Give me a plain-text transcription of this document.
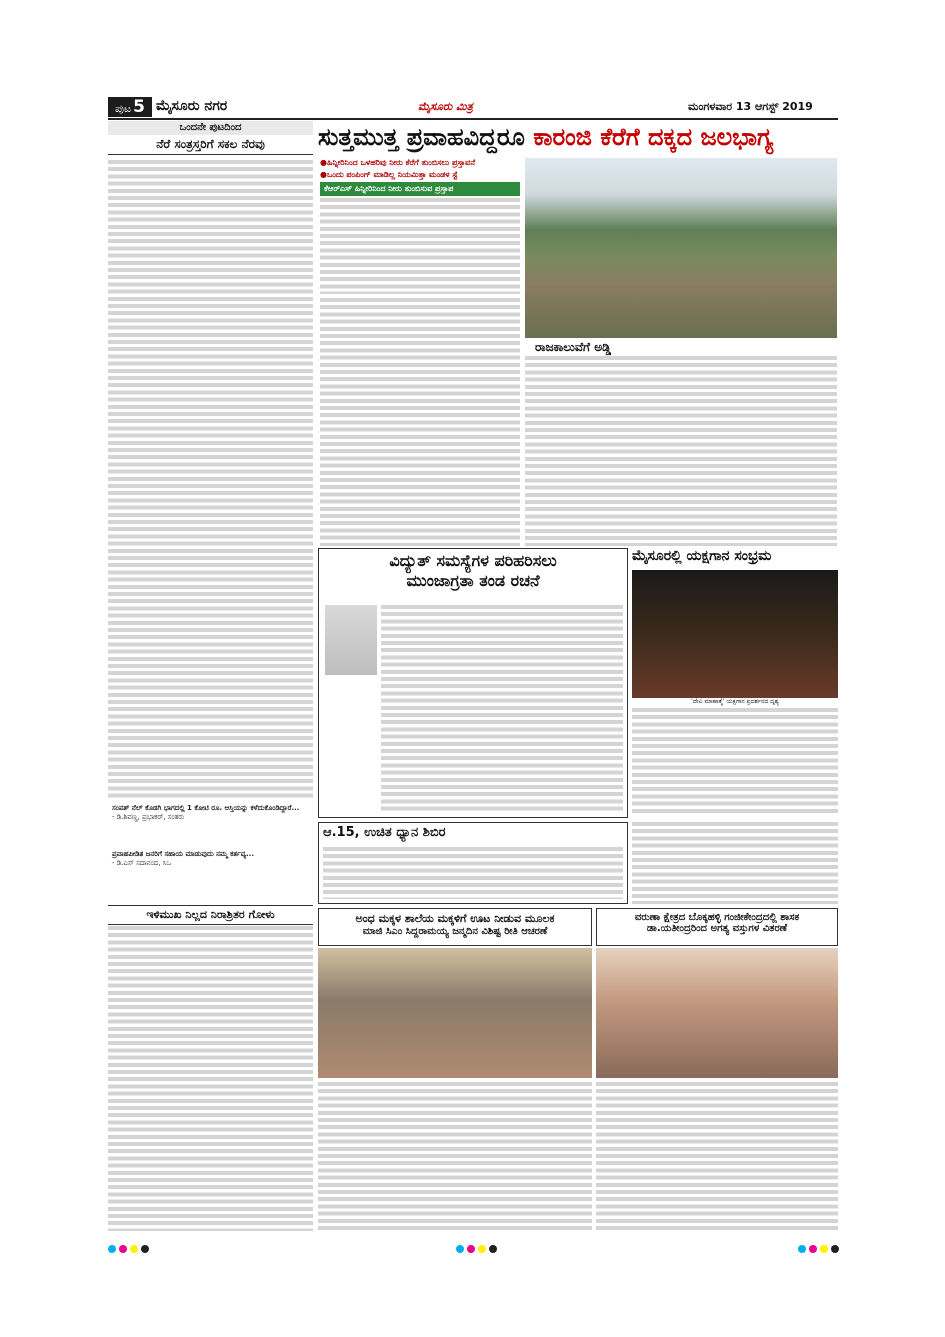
ಪುಟ 5 ಮೈಸೂರು ನಗರ	ಮೈಸೂರು ಮಿತ್ರ	ಮಂಗಳವಾರ 13 ಆಗಸ್ಟ್ 2019
ಒಂದನೇ ಪುಟದಿಂದ
ನೆರೆ ಸಂತ್ರಸ್ತರಿಗೆ ಸಕಲ ನೆರವು
ಸಂಪತ್ ನೆಲ್ ಕೊಡಗಿ ಭಾಗದಲ್ಲಿ 1 ಕೋಟಿ ರೂ. ಆಸ್ತಿಯನ್ನು ಕಳೆದುಕೊಂಡಿದ್ದಾರೆ...
- ಡಿ.ಶಿವಣ್ಣ, ಪ್ರಭಾಕರ್, ಸಂತರು
ಪ್ರವಾಹಪೀಡಿತ ಜನರಿಗೆ ಸಹಾಯ ಮಾಡುವುದು ನಮ್ಮ ಕರ್ತವ್ಯ...
- ಡಿ.ಎಸ್ ಸದಾನಂದ, ಸಿಒ
ಇಳಿಮುಖ ನಿಲ್ಲದ ನಿರಾಶ್ರಿತರ ಗೋಳು
ಸುತ್ತಮುತ್ತ ಪ್ರವಾಹವಿದ್ದರೂ ಕಾರಂಜಿ ಕೆರೆಗೆ ದಕ್ಕದ ಜಲಭಾಗ್ಯ
●ಹಿನ್ನೀರಿನಿಂದ ಒಳಹರಿವು ನೀರು ಕೆರೆಗೆ ತುಂಬಿಸಲು ಪ್ರಸ್ತಾವನೆ
●ಒಂದು ಪಂಪಿಂಗ್ ಮಾಡಿಲ್ಲ ನಿಯಮಿತ್ತಾ ಮಂಡಳ ಸ್ಟೆ
ಕೆಆರ್‌ಎಸ್ ಹಿನ್ನೀರಿನಿಂದ ನೀರು ತುಂಬಿಸುವ ಪ್ರಸ್ತಾಪ
ರಾಜಕಾಲುವೆಗೆ ಅಡ್ಡಿ
ವಿದ್ಯುತ್ ಸಮಸ್ಯೆಗಳ ಪರಿಹರಿಸಲು
ಮುಂಜಾಗ್ರತಾ ತಂಡ ರಚನೆ
ಮೈಸೂರಲ್ಲಿ ಯಕ್ಷಗಾನ ಸಂಭ್ರಮ
'ದೇವಿ ಮಾಹಾತ್ಮೆ' ಯಕ್ಷಗಾನ ಪ್ರದರ್ಶನದ ದೃಶ್ಯ
ಆ.15, ಉಚಿತ ಧ್ಯಾನ ಶಿಬಿರ
ಅಂಧ ಮಕ್ಕಳ ಶಾಲೆಯ ಮಕ್ಕಳಿಗೆ ಊಟ ನೀಡುವ ಮೂಲಕ
ಮಾಜಿ ಸಿಎಂ ಸಿದ್ದರಾಮಯ್ಯ ಜನ್ಮದಿನ ವಿಶಿಷ್ಟ ರೀತಿ ಆಚರಣೆ
ವರುಣಾ ಕ್ಷೇತ್ರದ ಬೊಕ್ಕಹಳ್ಳಿ ಗಂಜೀಕೇಂದ್ರದಲ್ಲಿ ಶಾಸಕ
ಡಾ.ಯತೀಂದ್ರರಿಂದ ಅಗತ್ಯ ವಸ್ತುಗಳ ವಿತರಣೆ
